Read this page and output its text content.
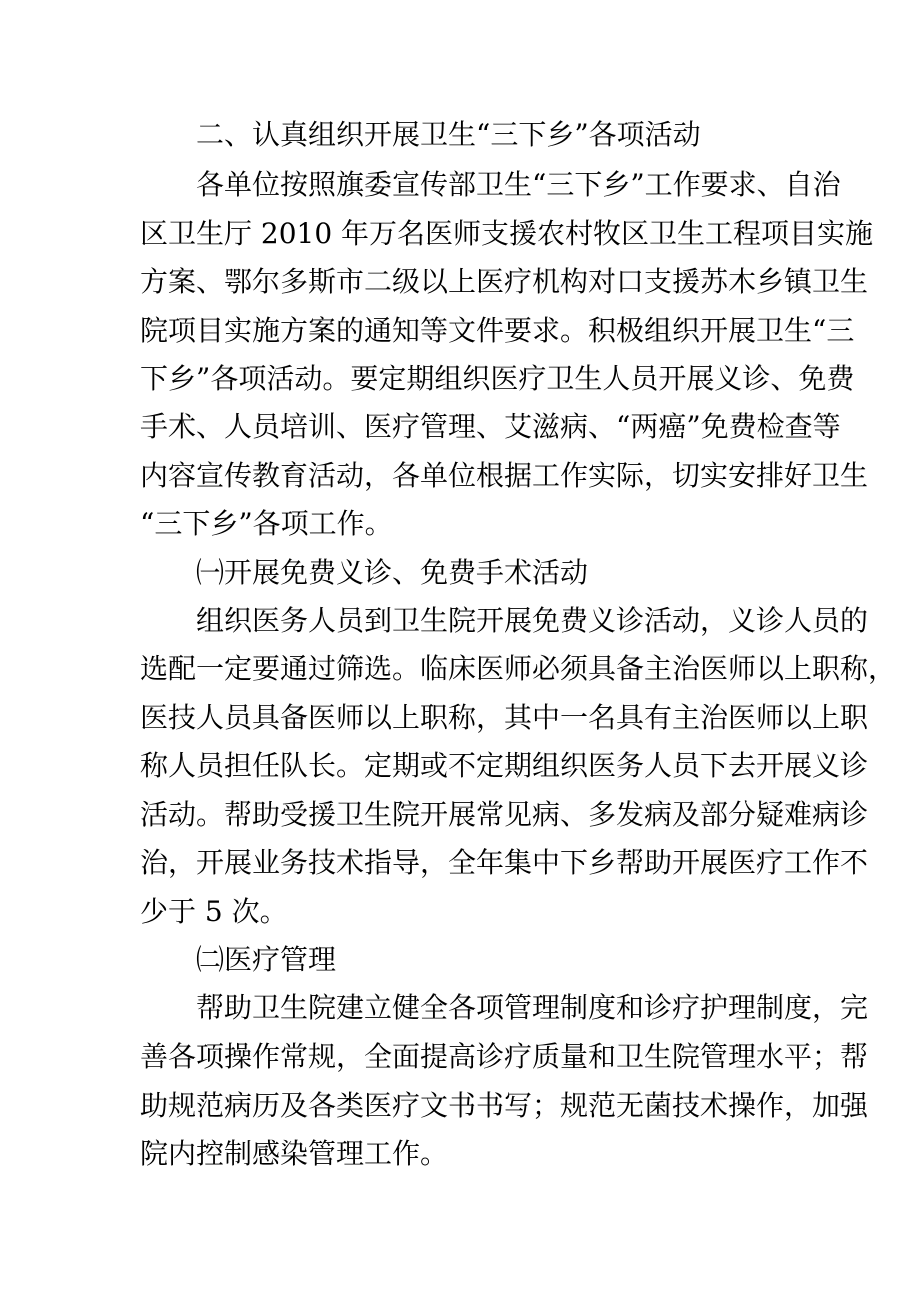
二、认真组织开展卫生“三下乡”各项活动
各单位按照旗委宣传部卫生“三下乡”工作要求、自治
区卫生厅 2010 年万名医师支援农村牧区卫生工程项目实施
方案、鄂尔多斯市二级以上医疗机构对口支援苏木乡镇卫生
院项目实施方案的通知等文件要求。积极组织开展卫生“三
下乡”各项活动。要定期组织医疗卫生人员开展义诊、免费
手术、人员培训、医疗管理、艾滋病、“两癌”免费检查等
内容宣传教育活动，各单位根据工作实际，切实安排好卫生
“三下乡”各项工作。
㈠开展免费义诊、免费手术活动
组织医务人员到卫生院开展免费义诊活动，义诊人员的
选配一定要通过筛选。临床医师必须具备主治医师以上职称，
医技人员具备医师以上职称，其中一名具有主治医师以上职
称人员担任队长。定期或不定期组织医务人员下去开展义诊
活动。帮助受援卫生院开展常见病、多发病及部分疑难病诊
治，开展业务技术指导，全年集中下乡帮助开展医疗工作不
少于 5 次。
㈡医疗管理
帮助卫生院建立健全各项管理制度和诊疗护理制度，完
善各项操作常规，全面提高诊疗质量和卫生院管理水平；帮
助规范病历及各类医疗文书书写；规范无菌技术操作，加强
院内控制感染管理工作。
